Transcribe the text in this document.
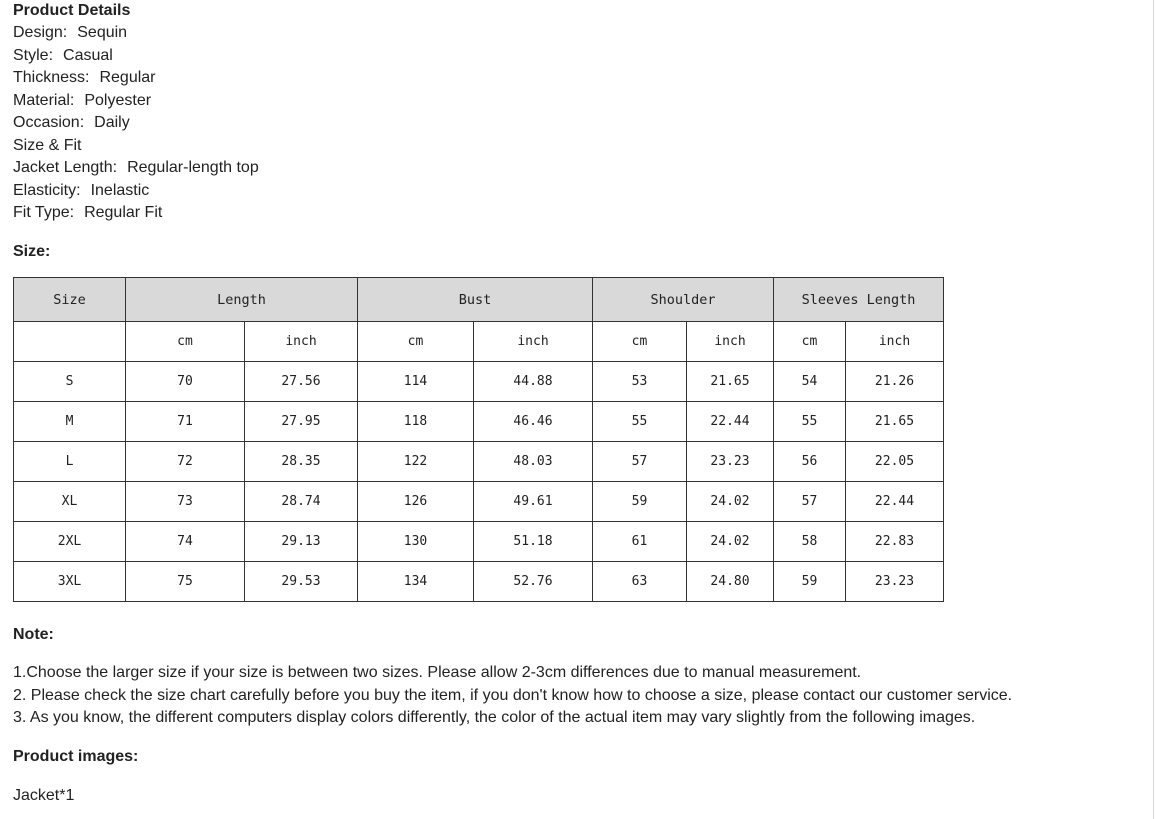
Product Details

Design: Sequin

Style: Casual

Thickness: Regular

Material: Polyester

Occasion: Daily

Size & Fit

Jacket Length: Regular-length top

Elasticity: Inelastic

Fit Type: Regular Fit

Size:

Size	Length		Bust		Shoulder		Sleeves Length	
	cm	inch	cm	inch	cm	inch	cm	inch
S	70	27.56	114	44.88	53	21.65	54	21.26
M	71	27.95	118	46.46	55	22.44	55	21.65
L	72	28.35	122	48.03	57	23.23	56	22.05
XL	73	28.74	126	49.61	59	24.02	57	22.44
2XL	74	29.13	130	51.18	61	24.02	58	22.83
3XL	75	29.53	134	52.76	63	24.80	59	23.23

Note:

1.Choose the larger size if your size is between two sizes. Please allow 2-3cm differences due to manual measurement.

2. Please check the size chart carefully before you buy the item, if you don't know how to choose a size, please contact our customer service.

3. As you know, the different computers display colors differently, the color of the actual item may vary slightly from the following images.

Product images:

Jacket*1
